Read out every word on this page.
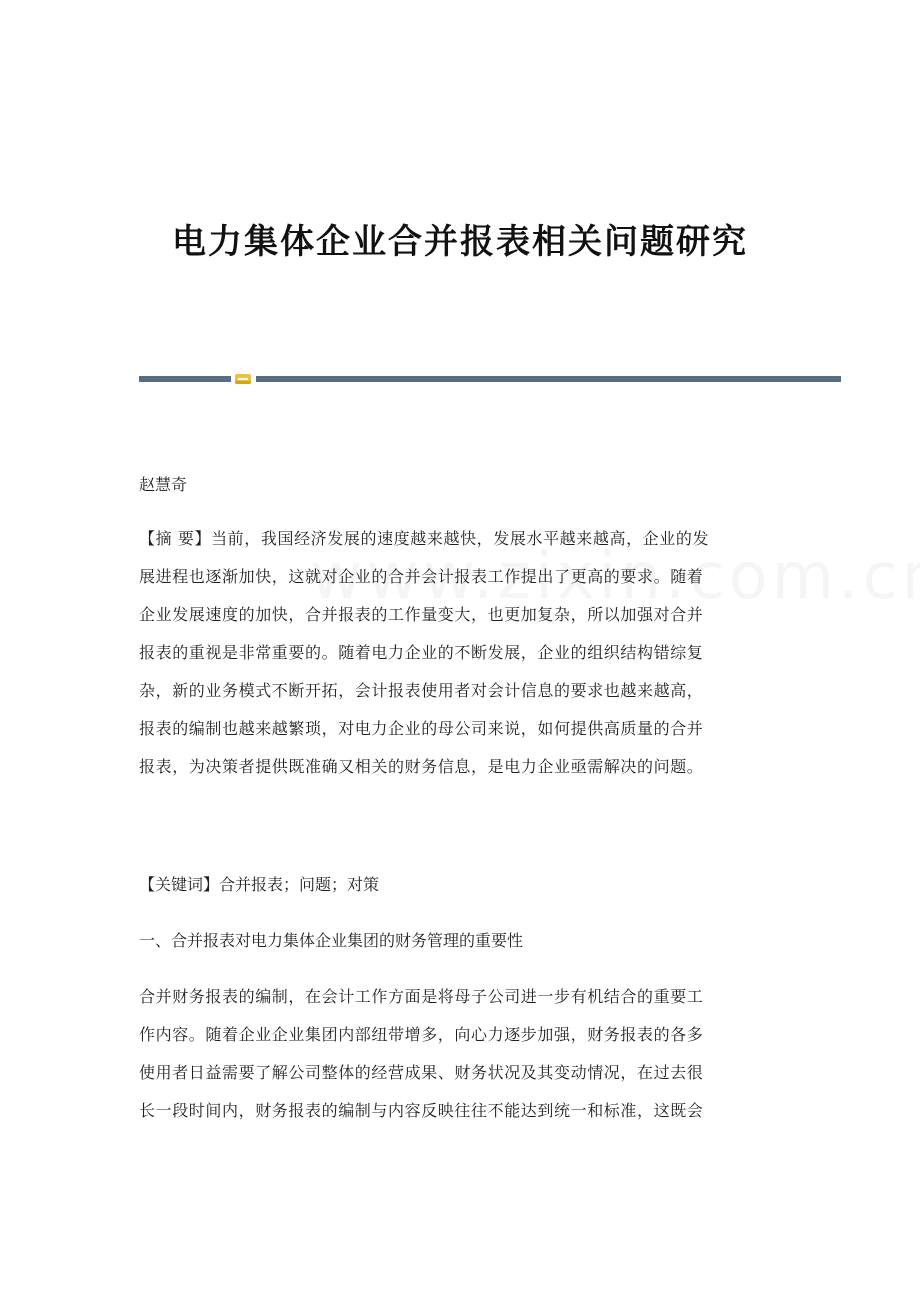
电力集体企业合并报表相关问题研究
赵慧奇
【摘 要】当前，我国经济发展的速度越来越快，发展水平越来越高，企业的发
展进程也逐渐加快，这就对企业的合并会计报表工作提出了更高的要求。随着
企业发展速度的加快，合并报表的工作量变大，也更加复杂，所以加强对合并
报表的重视是非常重要的。随着电力企业的不断发展，企业的组织结构错综复
杂，新的业务模式不断开拓，会计报表使用者对会计信息的要求也越来越高，
报表的编制也越来越繁琐，对电力企业的母公司来说，如何提供高质量的合并
报表，为决策者提供既准确又相关的财务信息，是电力企业亟需解决的问题。
【关键词】合并报表；问题；对策
一、合并报表对电力集体企业集团的财务管理的重要性
合并财务报表的编制，在会计工作方面是将母子公司进一步有机结合的重要工
作内容。随着企业企业集团内部纽带增多，向心力逐步加强，财务报表的各多
使用者日益需要了解公司整体的经营成果、财务状况及其变动情况，在过去很
长一段时间内，财务报表的编制与内容反映往往不能达到统一和标准，这既会
